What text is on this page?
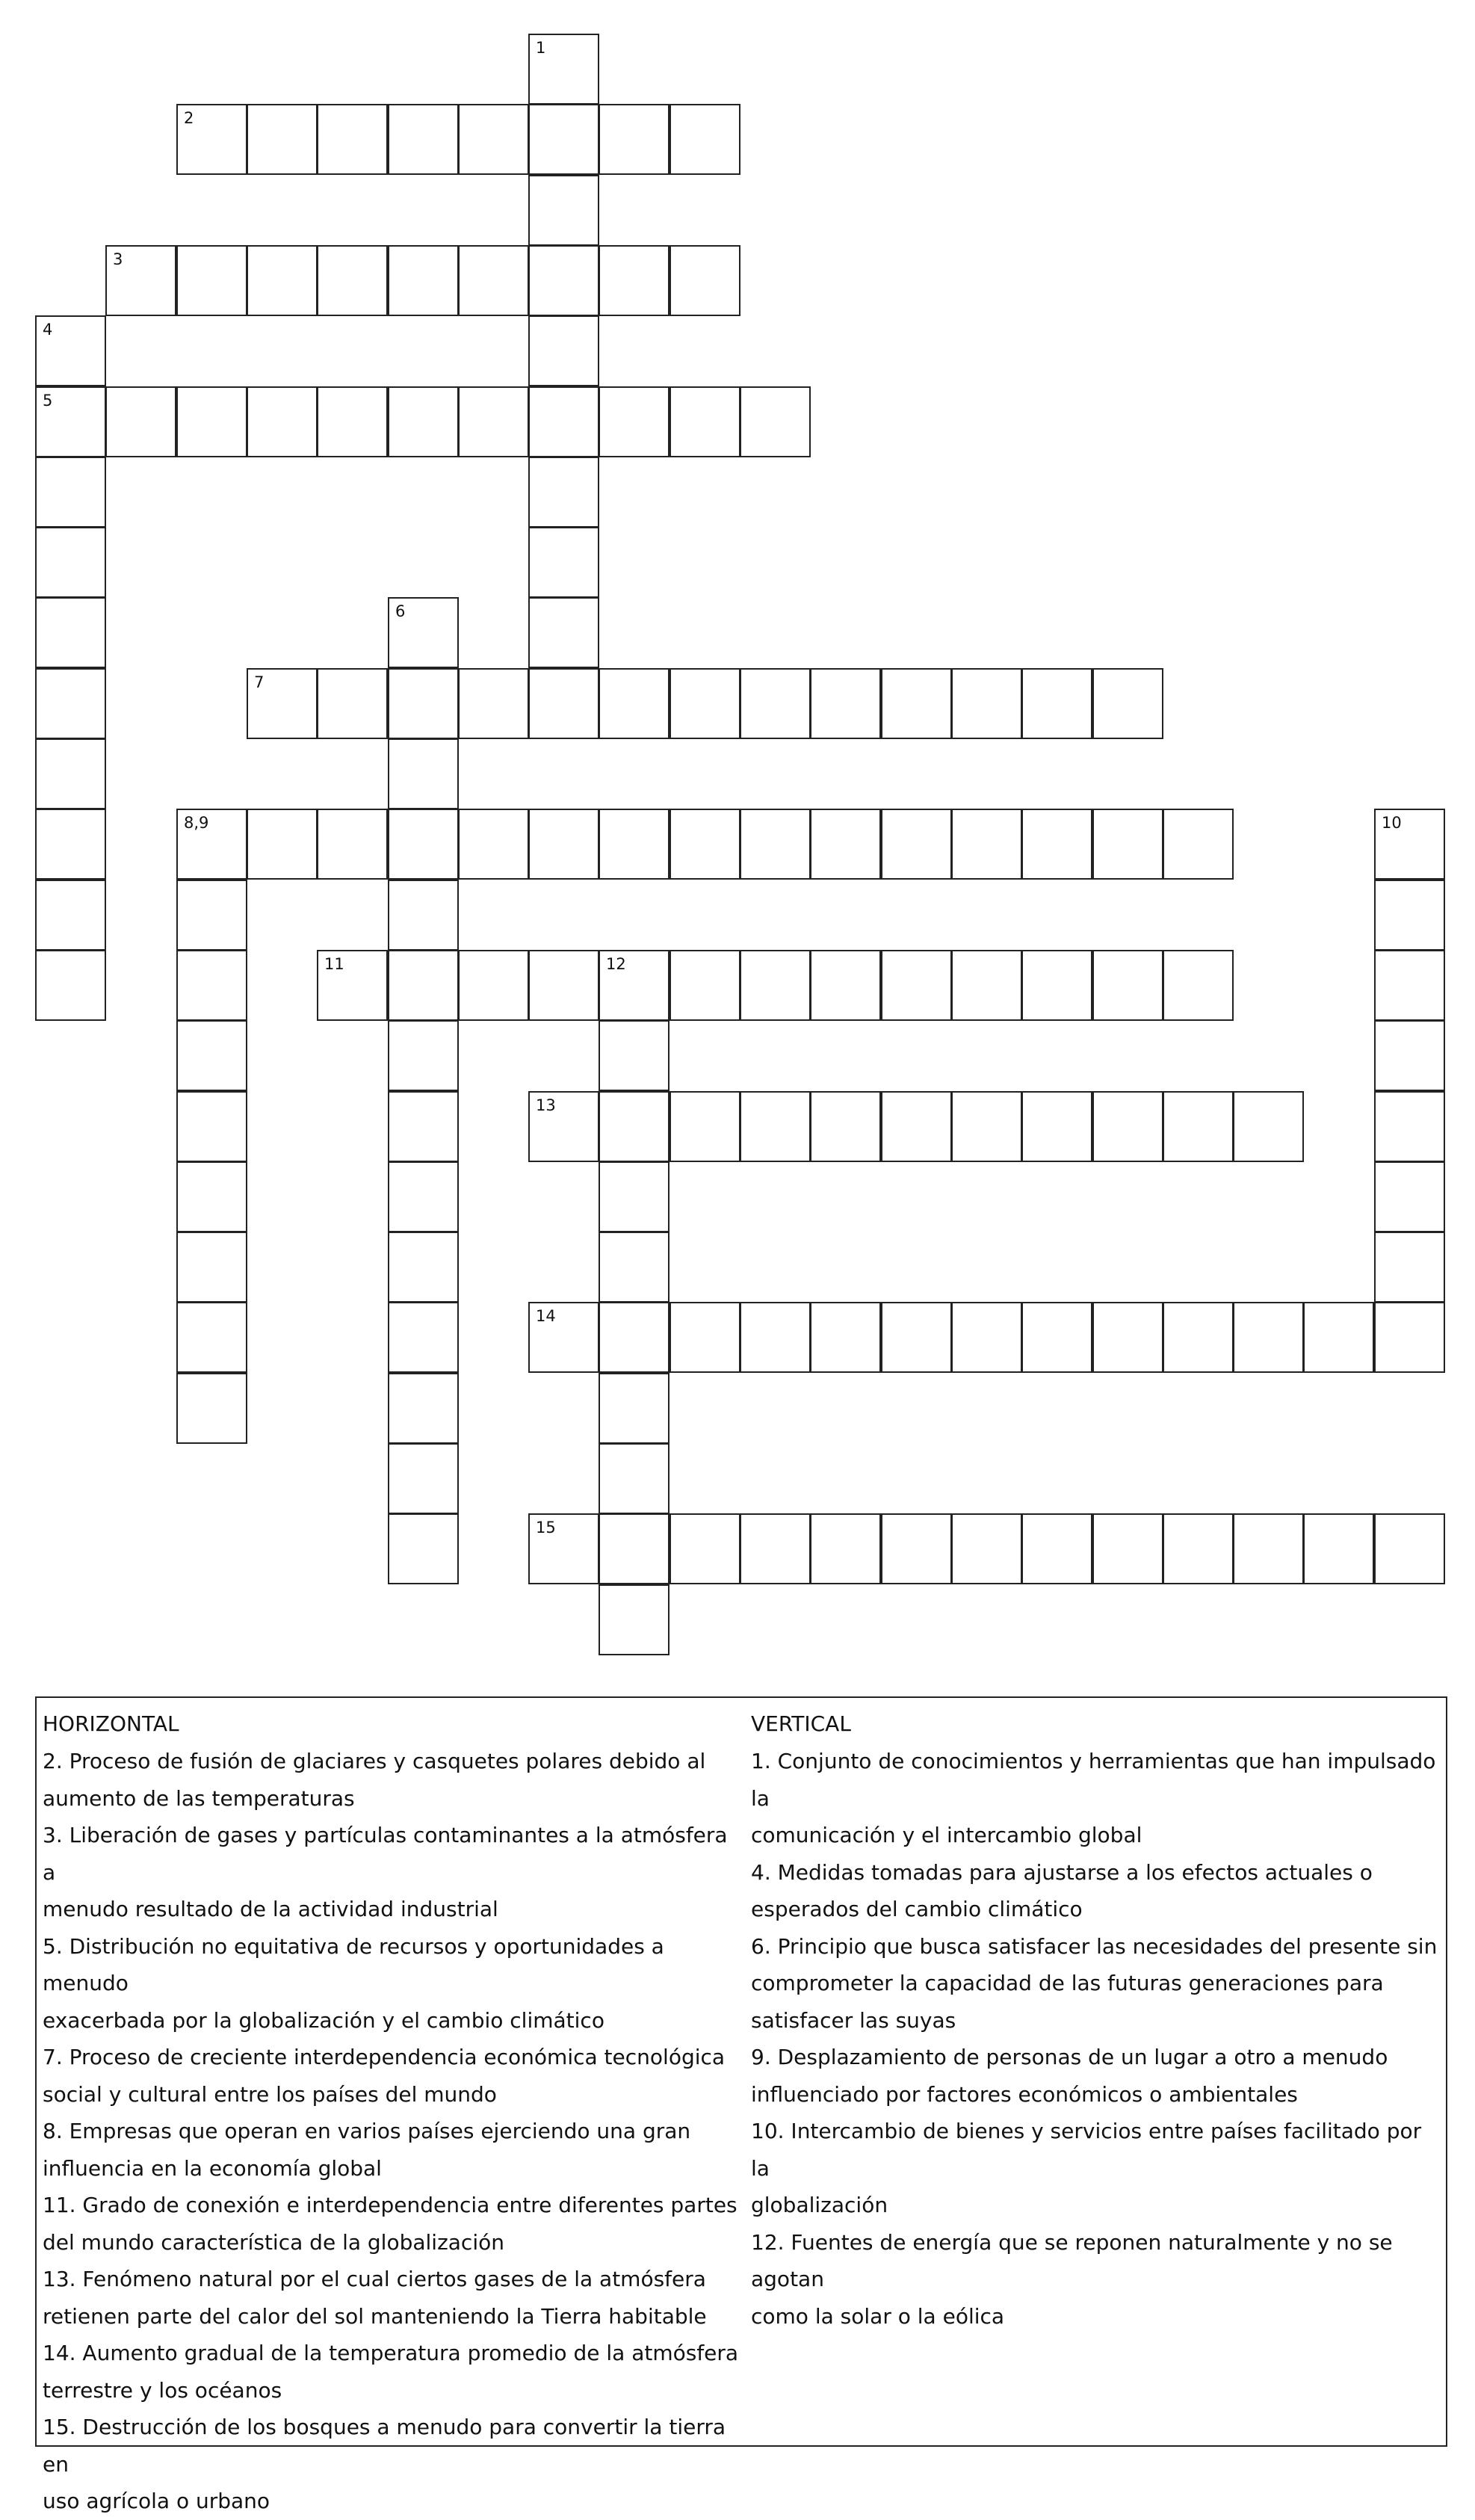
1
2
3
4
5
6
7
8,9	10
11	12
13
14
15
HORIZONTAL
2. Proceso de fusión de glaciares y casquetes polares debido al
aumento de las temperaturas
3. Liberación de gases y partículas contaminantes a la atmósfera a
menudo resultado de la actividad industrial
5. Distribución no equitativa de recursos y oportunidades a menudo
exacerbada por la globalización y el cambio climático
7. Proceso de creciente interdependencia económica tecnológica
social y cultural entre los países del mundo
8. Empresas que operan en varios países ejerciendo una gran
influencia en la economía global
11. Grado de conexión e interdependencia entre diferentes partes
del mundo característica de la globalización
13. Fenómeno natural por el cual ciertos gases de la atmósfera
retienen parte del calor del sol manteniendo la Tierra habitable
14. Aumento gradual de la temperatura promedio de la atmósfera
terrestre y los océanos
15. Destrucción de los bosques a menudo para convertir la tierra en
uso agrícola o urbano
VERTICAL
1. Conjunto de conocimientos y herramientas que han impulsado la
comunicación y el intercambio global
4. Medidas tomadas para ajustarse a los efectos actuales o
esperados del cambio climático
6. Principio que busca satisfacer las necesidades del presente sin
comprometer la capacidad de las futuras generaciones para
satisfacer las suyas
9. Desplazamiento de personas de un lugar a otro a menudo
influenciado por factores económicos o ambientales
10. Intercambio de bienes y servicios entre países facilitado por la
globalización
12. Fuentes de energía que se reponen naturalmente y no se agotan
como la solar o la eólica
